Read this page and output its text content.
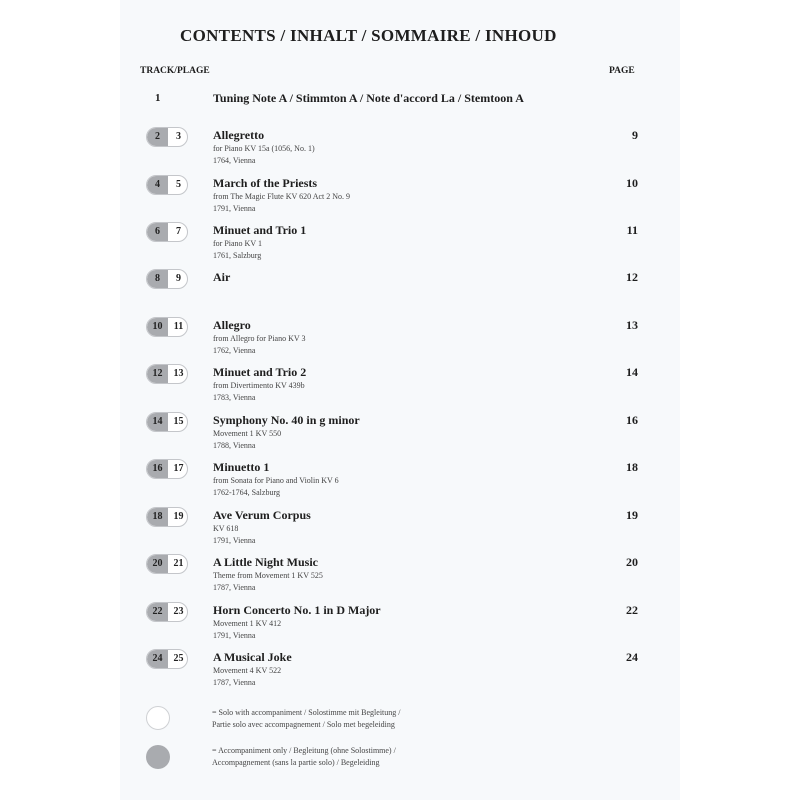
CONTENTS / INHALT / SOMMAIRE / INHOUD
TRACK/PLAGE	PAGE
1	Tuning Note A / Stimmton A / Note d'accord La / Stemtoon A
2	3	Allegretto
for Piano KV 15a (1056, No. 1)
1764, Vienna
9
4	5	March of the Priests
from The Magic Flute KV 620 Act 2 No. 9
1791, Vienna
10
6	7	Minuet and Trio 1
for Piano KV 1
1761, Salzburg
11
8	9	Air	12
10	11	Allegro
from Allegro for Piano KV 3
1762, Vienna
13
12	13	Minuet and Trio 2
from Divertimento KV 439b
1783, Vienna
14
14	15	Symphony No. 40 in g minor
Movement 1 KV 550
1788, Vienna
16
16	17	Minuetto 1
from Sonata for Piano and Violin KV 6
1762-1764, Salzburg
18
18	19	Ave Verum Corpus
KV 618
1791, Vienna
19
20	21	A Little Night Music
Theme from Movement 1 KV 525
1787, Vienna
20
22	23	Horn Concerto No. 1 in D Major
Movement 1 KV 412
1791, Vienna
22
24	25	A Musical Joke
Movement 4 KV 522
1787, Vienna
24
= Solo with accompaniment / Solostimme mit Begleitung /
Partie solo avec accompagnement / Solo met begeleiding
= Accompaniment only / Begleitung (ohne Solostimme) /
Accompagnement (sans la partie solo) / Begeleiding
